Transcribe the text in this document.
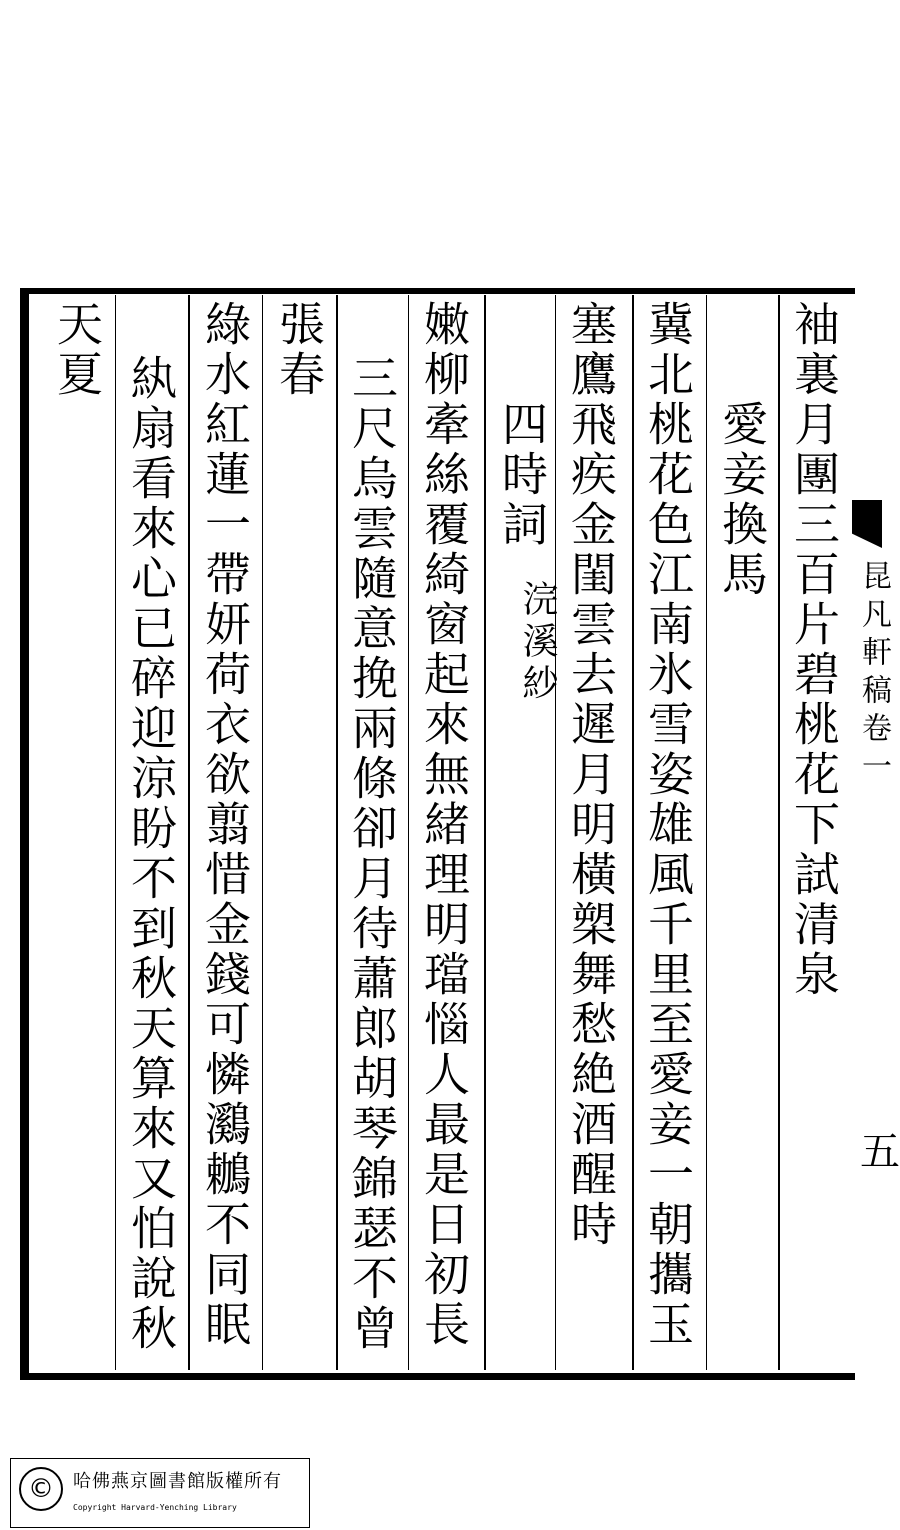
袖裏月團三百片碧桃花下試清泉
愛妾換馬
冀北桃花色江南氷雪姿雄風千里至愛妾一朝攜玉
塞鷹飛疾金閨雲去遲月明橫槊舞愁絶酒醒時
四時詞
浣溪紗
嫩柳牽絲覆綺窗起來無緒理明璫惱人最是日初長
三尺烏雲隨意挽兩條卻月待蕭郎胡琴錦瑟不曾
張春
綠水紅蓮一帶妍荷衣欲翦惜金錢可憐鸂鶒不同眠
紈扇看來心已碎迎涼盼不到秋天算來又怕說秋
天夏
昆凡軒稿卷一
五
©	哈佛燕京圖書館版權所有
Copyright Harvard-Yenching Library
